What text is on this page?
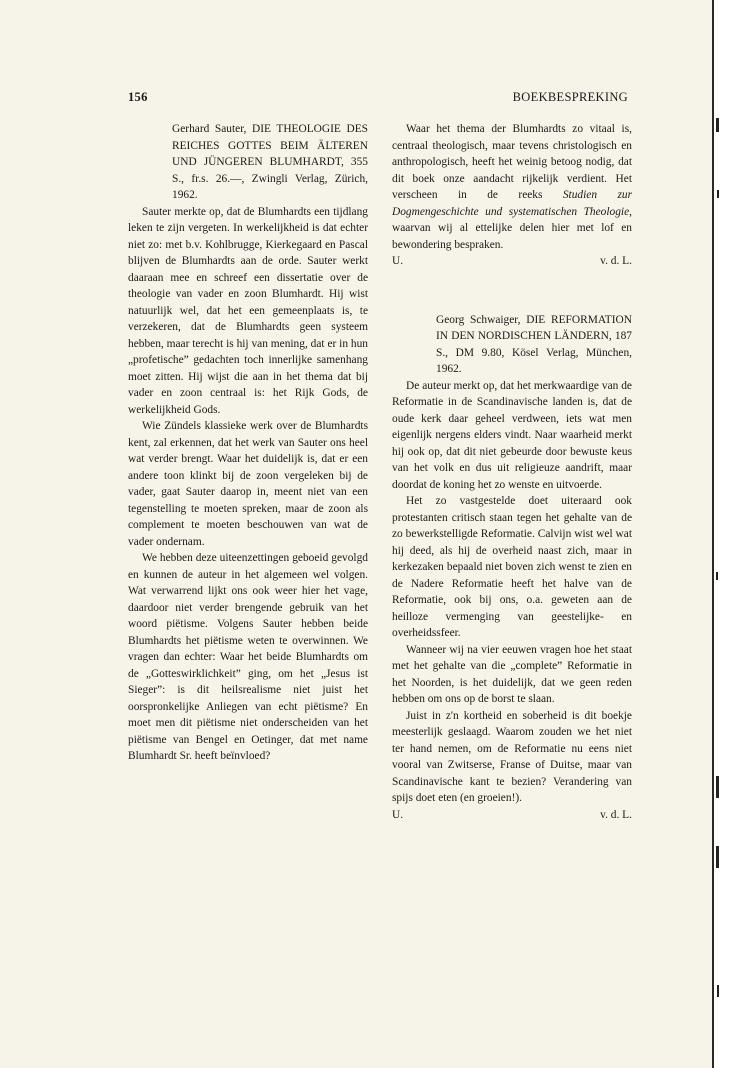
156	BOEKBESPREKING

Gerhard Sauter, DIE THEOLOGIE DES REICHES GOTTES BEIM ÄLTEREN UND JÜNGEREN BLUMHARDT, 355 S., fr.s. 26.—, Zwingli Verlag, Zürich, 1962.

Sauter merkte op, dat de Blumhardts een tijdlang leken te zijn vergeten. In werkelijkheid is dat echter niet zo: met b.v. Kohlbrugge, Kierkegaard en Pascal blijven de Blumhardts aan de orde. Sauter werkt daaraan mee en schreef een dissertatie over de theologie van vader en zoon Blumhardt. Hij wist natuurlijk wel, dat het een gemeenplaats is, te verzekeren, dat de Blumhardts geen systeem hebben, maar terecht is hij van mening, dat er in hun „profetische” gedachten toch innerlijke samenhang moet zitten. Hij wijst die aan in het thema dat bij vader en zoon centraal is: het Rijk Gods, de werkelijkheid Gods.

Wie Zündels klassieke werk over de Blumhardts kent, zal erkennen, dat het werk van Sauter ons heel wat verder brengt. Waar het duidelijk is, dat er een andere toon klinkt bij de zoon vergeleken bij de vader, gaat Sauter daarop in, meent niet van een tegenstelling te moeten spreken, maar de zoon als complement te moeten beschouwen van wat de vader ondernam.

We hebben deze uiteenzettingen geboeid gevolgd en kunnen de auteur in het algemeen wel volgen. Wat verwarrend lijkt ons ook weer hier het vage, daardoor niet verder brengende gebruik van het woord piëtisme. Volgens Sauter hebben beide Blumhardts het piëtisme weten te overwinnen. We vragen dan echter: Waar het beide Blumhardts om de „Gotteswirklichkeit” ging, om het „Jesus ist Sieger”: is dit heilsrealisme niet juist het oorspronkelijke Anliegen van echt piëtisme? En moet men dit piëtisme niet onderscheiden van het piëtisme van Bengel en Oetinger, dat met name Blumhardt Sr. heeft beïnvloed?

Waar het thema der Blumhardts zo vitaal is, centraal theologisch, maar tevens christologisch en anthropologisch, heeft het weinig betoog nodig, dat dit boek onze aandacht rijkelijk verdient. Het verscheen in de reeks Studien zur Dogmengeschichte und systematischen Theologie, waarvan wij al ettelijke delen hier met lof en bewondering bespraken.

U.	v. d. L.

Georg Schwaiger, DIE REFORMATION IN DEN NORDISCHEN LÄNDERN, 187 S., DM 9.80, Kösel Verlag, München, 1962.

De auteur merkt op, dat het merkwaardige van de Reformatie in de Scandinavische landen is, dat de oude kerk daar geheel verdween, iets wat men eigenlijk nergens elders vindt. Naar waarheid merkt hij ook op, dat dit niet gebeurde door bewuste keus van het volk en dus uit religieuze aandrift, maar doordat de koning het zo wenste en uitvoerde.

Het zo vastgestelde doet uiteraard ook protestanten critisch staan tegen het gehalte van de zo bewerkstelligde Reformatie. Calvijn wist wel wat hij deed, als hij de overheid naast zich, maar in kerkezaken bepaald niet boven zich wenst te zien en de Nadere Reformatie heeft het halve van de Reformatie, ook bij ons, o.a. geweten aan de heilloze vermenging van geestelijke- en overheidssfeer.

Wanneer wij na vier eeuwen vragen hoe het staat met het gehalte van die „complete” Reformatie in het Noorden, is het duidelijk, dat we geen reden hebben om ons op de borst te slaan.

Juist in z'n kortheid en soberheid is dit boekje meesterlijk geslaagd. Waarom zouden we het niet ter hand nemen, om de Reformatie nu eens niet vooral van Zwitserse, Franse of Duitse, maar van Scandinavische kant te bezien? Verandering van spijs doet eten (en groeien!).

U.	v. d. L.
